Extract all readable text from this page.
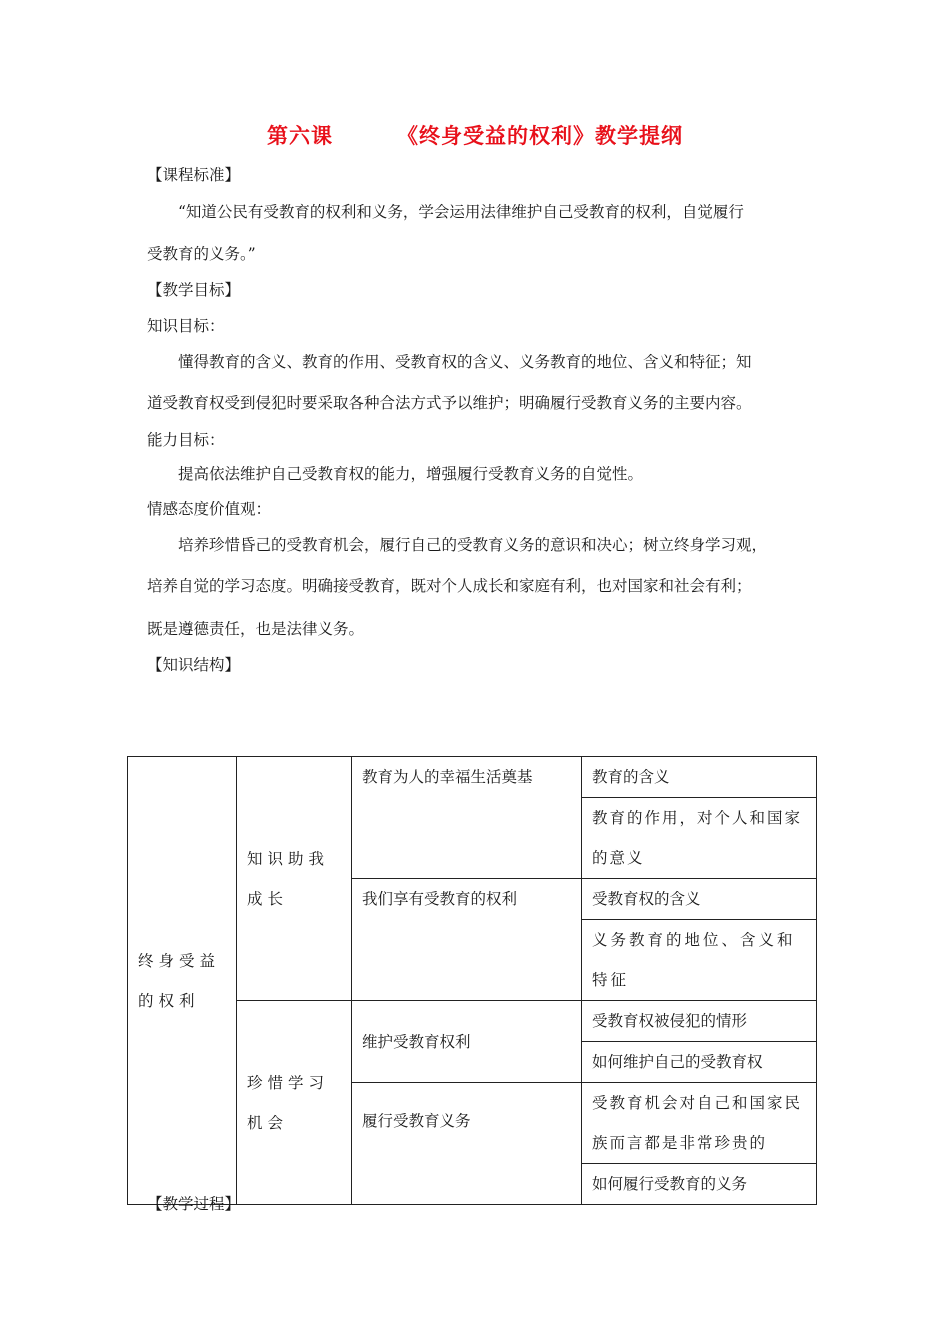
第六课	《终身受益的权利》教学提纲
【课程标准】
“知道公民有受教育的权利和义务，学会运用法律维护自己受教育的权利，自觉履行
受教育的义务。”
【教学目标】
知识目标：
懂得教育的含义、教育的作用、受教育权的含义、义务教育的地位、含义和特征；知
道受教育权受到侵犯时要采取各种合法方式予以维护；明确履行受教育义务的主要内容。
能力目标：
提高依法维护自己受教育权的能力，增强履行受教育义务的自觉性。
情感态度价值观：
培养珍惜昏己的受教育机会，履行自己的受教育义务的意识和决心；树立终身学习观，
培养自觉的学习态度。明确接受教育，既对个人成长和家庭有利，也对国家和社会有利；
既是遵德责任，也是法律义务。
【知识结构】
终身受益的权利	知识助我成长	教育为人的幸福生活奠基	教育的含义
			教育的作用，对个人和国家的意义

		我们享有受教育的权利	受教育权的含义
			义务教育的地位、含义和特征

	珍惜学习机会	维护受教育权利	受教育权被侵犯的情形
			如何维护自己的受教育权
		履行受教育义务	受教育机会对自己和国家民族而言都是非常珍贵的

			如何履行受教育的义务

【教学过程】
